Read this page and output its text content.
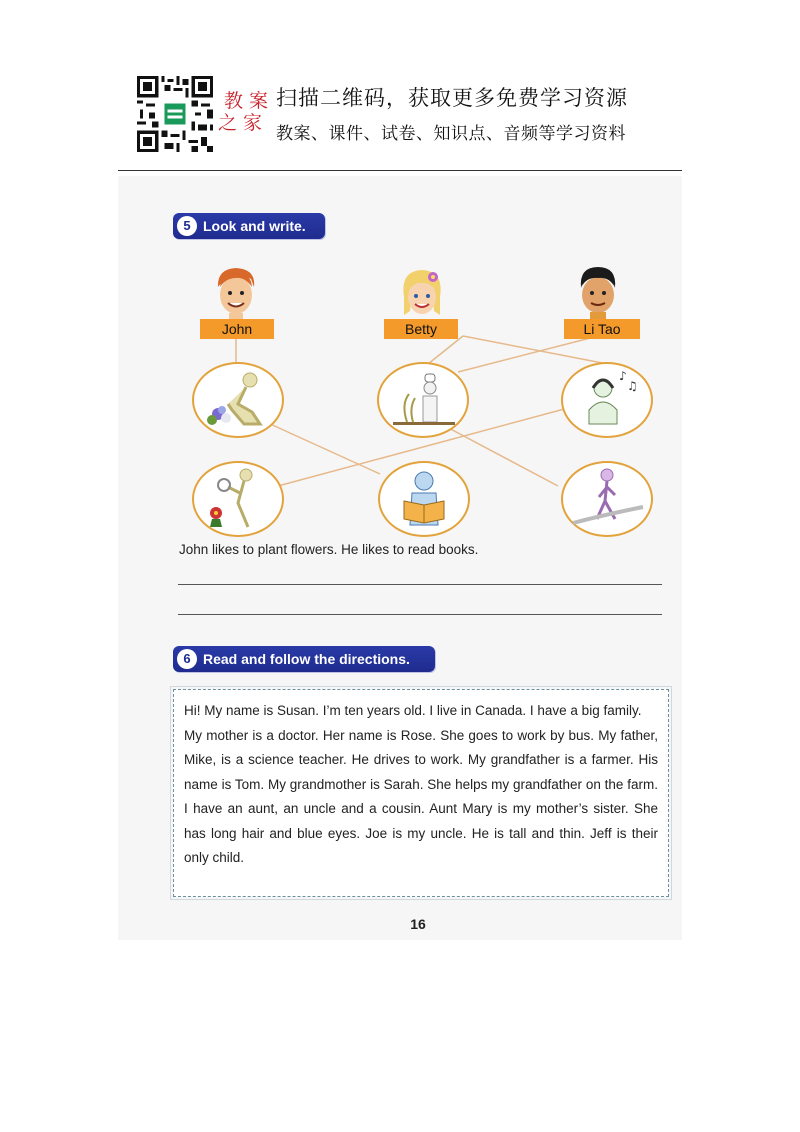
教 案
之 家
扫描二维码，获取更多免费学习资源
教案、课件、试卷、知识点、音频等学习资料
5 Look and write.
John	Betty	Li Tao
♪
♫
John likes to plant flowers. He likes to read books.
6 Read and follow the directions.

Hi! My name is Susan. I’m ten years old. I live in Canada. I have a big family.

My mother is a doctor. Her name is Rose. She goes to work by bus. My father, Mike, is a science teacher. He drives to work. My grandfather is a farmer. His name is Tom. My grandmother is Sarah. She helps my grandfather on the farm. I have an aunt, an uncle and a cousin. Aunt Mary is my mother’s sister. She has long hair and blue eyes. Joe is my uncle. He is tall and thin. Jeff is their only child.

16
